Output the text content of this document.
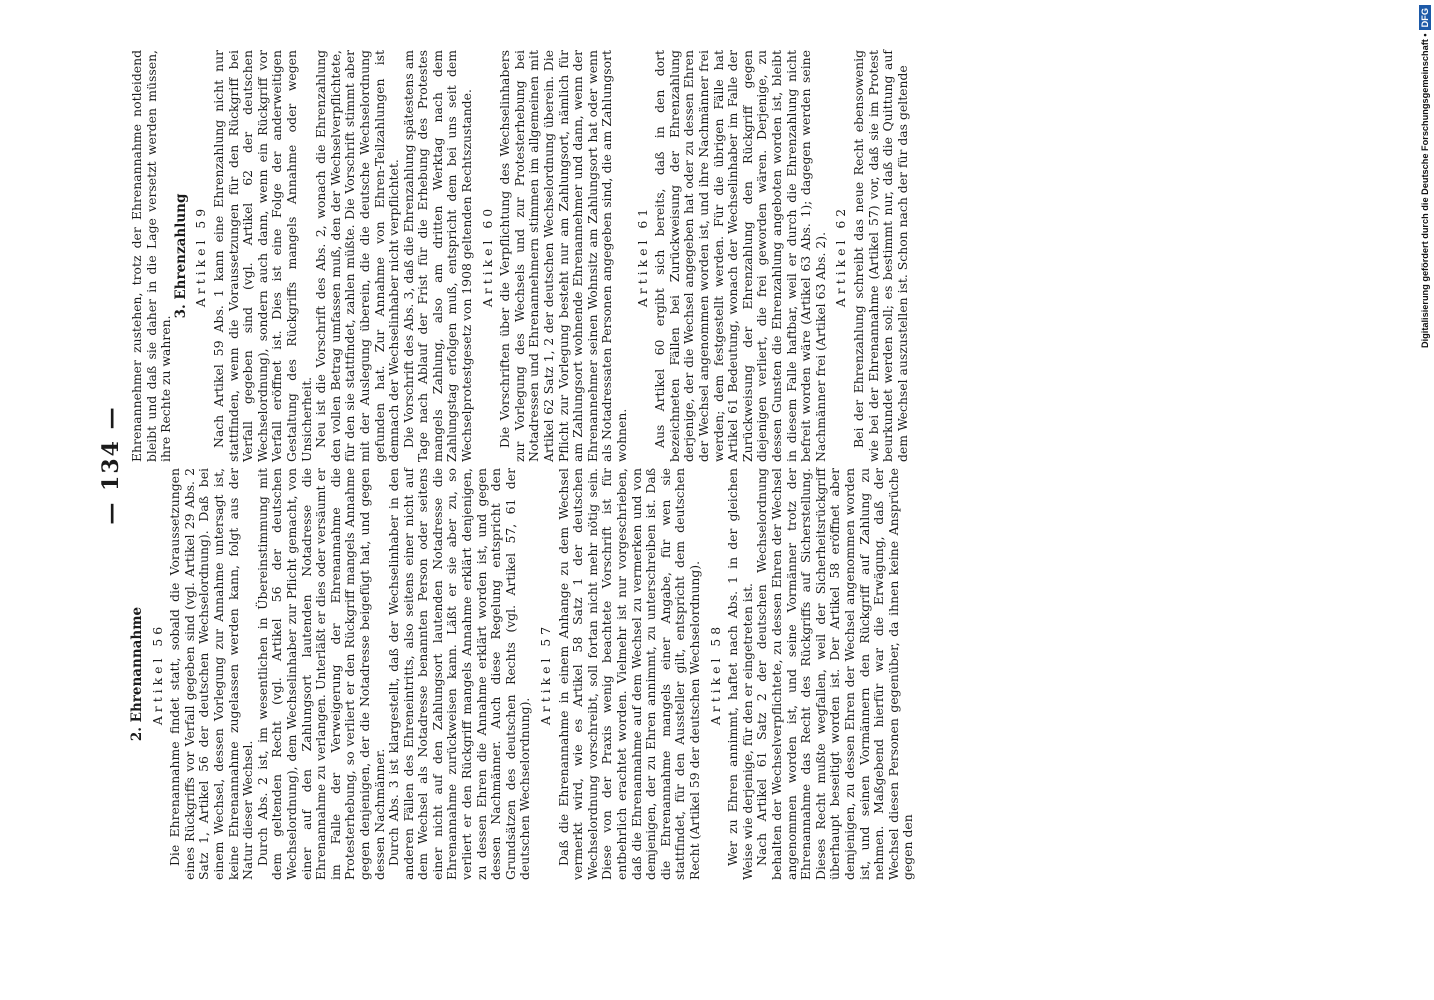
— 134 —
2. Ehrenannahme Artikel 56 Die Ehrenannahme findet statt, sobald die Voraussetzungen eines Rückgriffs vor Verfall gegeben sind (vgl. Artikel 29 Abs. 2 Satz 1, Artikel 56 der deutschen Wechselordnung). Daß bei einem Wechsel, dessen Vorlegung zur Annahme untersagt ist, keine Ehrenannahme zugelassen werden kann, folgt aus der Natur dieser Wechsel. Durch Abs. 2 ist, im wesentlichen in Übereinstimmung mit dem geltenden Recht (vgl. Artikel 56 der deutschen Wechselordnung), dem Wechselinhaber zur Pflicht gemacht, von einer auf den Zahlungsort lautenden Notadresse die Ehrenannahme zu verlangen. Unterläßt er dies oder versäumt er im Falle der Verweigerung der Ehrenannahme die Protesterhebung, so verliert er den Rückgriff mangels Annahme gegen denjenigen, der die Notadresse beigefügt hat, und gegen dessen Nachmänner. Durch Abs. 3 ist klargestellt, daß der Wechselinhaber in den anderen Fällen des Ehreneintritts, also seitens einer nicht auf dem Wechsel als Notadresse benannten Person oder seitens einer nicht auf den Zahlungsort lautenden Notadresse die Ehrenannahme zurückweisen kann. Läßt er sie aber zu, so verliert er den Rückgriff mangels Annahme erklärt denjenigen, zu dessen Ehren die Annahme erklärt worden ist, und gegen dessen Nachmänner. Auch diese Regelung entspricht den Grundsätzen des deutschen Rechts (vgl. Artikel 57, 61 der deutschen Wechselordnung).
Artikel 57 Daß die Ehrenannahme in einem Anhange zu dem Wechsel vermerkt wird, wie es Artikel 58 Satz 1 der deutschen Wechselordnung vorschreibt, soll fortan nicht mehr nötig sein. Diese von der Praxis wenig beachtete Vorschrift ist für entbehrlich erachtet worden. Vielmehr ist nur vorgeschrieben, daß die Ehrenannahme auf dem Wechsel zu vermerken und von demjenigen, der zu Ehren annimmt, zu unterschreiben ist. Daß die Ehrenannahme mangels einer Angabe, für wen sie stattfindet, für den Aussteller gilt, entspricht dem deutschen Recht (Artikel 59 der deutschen Wechselordnung). Artikel 58 Wer zu Ehren annimmt, haftet nach Abs. 1 in der gleichen Weise wie derjenige, für den er eingetreten ist. Nach Artikel 61 Satz 2 der deutschen Wechselordnung behalten der Wechselverpflichtete, zu dessen Ehren der Wechsel angenommen worden ist, und seine Vormänner trotz der Ehrenannahme das Recht des Rückgriffs auf Sicherstellung. Dieses Recht mußte wegfallen, weil der Sicherheitsrückgriff überhaupt beseitigt worden ist. Der Artikel 58 eröffnet aber demjenigen, zu dessen Ehren der Wechsel angenommen worden ist, und seinen Vormännern den Rückgriff auf Zahlung zu nehmen. Maßgebend hierfür war die Erwägung, daß der Wechsel diesen Personen gegenüber, da ihnen keine Ansprüche gegen den
Ehrenannehmer zustehen, trotz der Ehrenannahme notleidend bleibt und daß sie daher in die Lage versetzt werden müssen, ihre Rechte zu wahren.
3. Ehrenzahlung Artikel 59 Nach Artikel 59 Abs. 1 kann eine Ehrenzahlung nicht nur stattfinden, wenn die Voraussetzungen für den Rückgriff bei Verfall gegeben sind (vgl. Artikel 62 der deutschen Wechselordnung), sondern auch dann, wenn ein Rückgriff vor Verfall eröffnet ist. Dies ist eine Folge der anderweitigen Gestaltung des Rückgriffs mangels Annahme oder wegen Unsicherheit. Neu ist die Vorschrift des Abs. 2, wonach die Ehrenzahlung den vollen Betrag umfassen muß, den der Wechselverpflichtete, für den sie stattfindet, zahlen müßte. Die Vorschrift stimmt aber mit der Auslegung überein, die die deutsche Wechselordnung gefunden hat. Zur Annahme von Ehren-Teilzahlungen ist demnach der Wechselinhaber nicht verpflichtet. Die Vorschrift des Abs. 3, daß die Ehrenzahlung spätestens am Tage nach Ablauf der Frist für die Erhebung des Protestes mangels Zahlung, also am dritten Werktag nach dem Zahlungstag erfolgen muß, entspricht dem bei uns seit dem Wechselprotestgesetz von 1908 geltenden Rechtszustande. Artikel 60 Die Vorschriften über die Verpflichtung des Wechselinhabers zur Vorlegung des Wechsels und zur Protesterhebung bei Notadressen und Ehrenannehmern stimmen im allgemeinen mit Artikel 62 Satz 1, 2 der deutschen Wechselordnung überein. Die Pflicht zur Vorlegung besteht nur am Zahlungsort, nämlich für am Zahlungsort wohnende Ehrenannehmer und dann, wenn der Ehrenannehmer seinen Wohnsitz am Zahlungsort hat oder wenn als Notadressaten Personen angegeben sind, die am Zahlungsort wohnen.
Artikel 61 Aus Artikel 60 ergibt sich bereits, daß in den dort bezeichneten Fällen bei Zurückweisung der Ehrenzahlung derjenige, der die Wechsel angegeben hat oder zu dessen Ehren der Wechsel angenommen worden ist, und ihre Nachmänner frei werden; dem festgestellt werden. Für die übrigen Fälle hat Artikel 61 Bedeutung, wonach der Wechselinhaber im Falle der Zurückweisung der Ehrenzahlung den Rückgriff gegen diejenigen verliert, die frei geworden wären. Derjenige, zu dessen Gunsten die Ehrenzahlung angeboten worden ist, bleibt in diesem Falle haftbar, weil er durch die Ehrenzahlung nicht befreit worden wäre (Artikel 63 Abs. 1); dagegen werden seine Nachmänner frei (Artikel 63 Abs. 2). Artikel 62 Bei der Ehrenzahlung schreibt das neue Recht ebensowenig wie bei der Ehrenannahme (Artikel 57) vor, daß sie im Protest beurkundet werden soll; es bestimmt nur, daß die Quittung auf dem Wechsel auszustellen ist. Schon nach der für das geltende	Digitalisierung gefördert durch die Deutsche Forschungsgemeinschaft •DFG
